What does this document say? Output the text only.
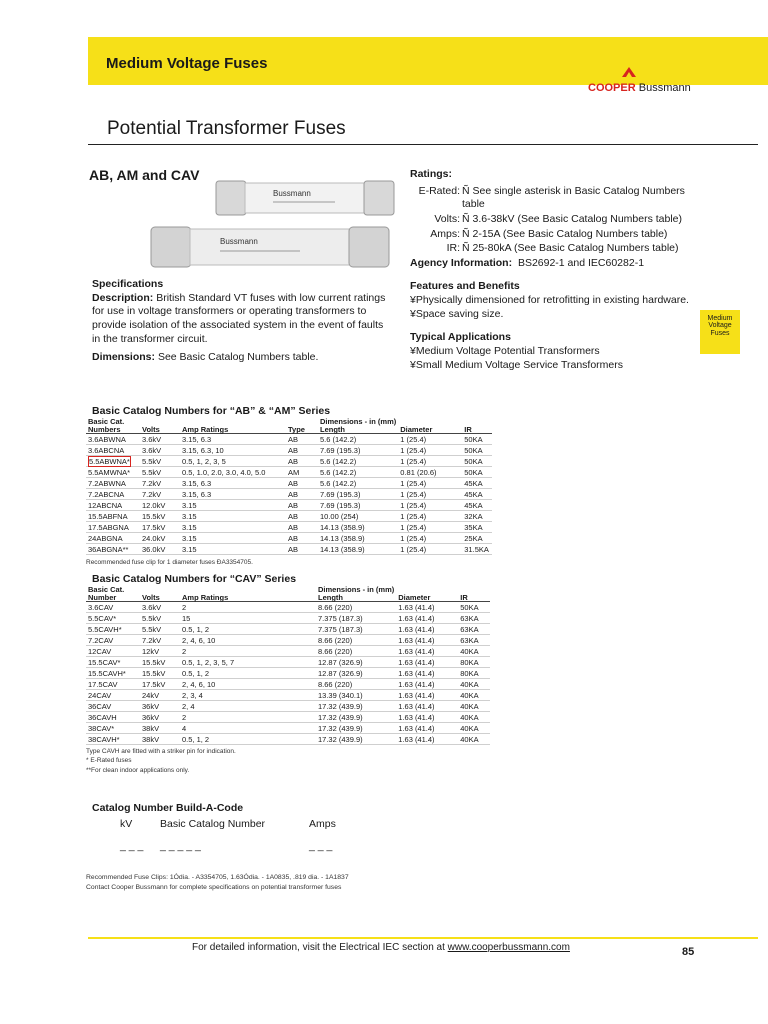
Medium Voltage Fuses
COOPER Bussmann
Potential Transformer Fuses
AB, AM and CAV
Bussmann
Bussmann
Specifications

Description: British Standard VT fuses with low current ratings for use in voltage transformers or operating transformers to provide isolation of the associated system in the event of faults in the transformer circuit.

Dimensions: See Basic Catalog Numbers table.

Ratings:
E-Rated: Ñ See single asterisk in Basic Catalog Numbers table
Volts: Ñ 3.6-38kV (See Basic Catalog Numbers table)
Amps: Ñ 2-15A (See Basic Catalog Numbers table)
IR: Ñ 25-80kA (See Basic Catalog Numbers table)
Agency Information: BS2692-1 and IEC60282-1
Features and Benefits
¥Physically dimensioned for retrofitting in existing hardware.
¥Space saving size.
Typical Applications
¥Medium Voltage Potential Transformers
¥Small Medium Voltage Service Transformers
Medium
Voltage
Fuses
Basic Catalog Numbers for “AB” & “AM” Series
Basic Cat. Numbers	Volts	Amp Ratings	Type	Dimensions - in (mm)
Length	Diameter	IR
3.6ABWNA	3.6kV	3.15, 6.3	AB	5.6 (142.2)	1 (25.4)	50KA
3.6ABCNA	3.6kV	3.15, 6.3, 10	AB	7.69 (195.3)	1 (25.4)	50KA
5.5ABWNA*	5.5kV	0.5, 1, 2, 3, 5	AB	5.6 (142.2)	1 (25.4)	50KA
5.5AMWNA*	5.5kV	0.5, 1.0, 2.0, 3.0, 4.0, 5.0	AM	5.6 (142.2)	0.81 (20.6)	50KA
7.2ABWNA	7.2kV	3.15, 6.3	AB	5.6 (142.2)	1 (25.4)	45KA
7.2ABCNA	7.2kV	3.15, 6.3	AB	7.69 (195.3)	1 (25.4)	45KA
12ABCNA	12.0kV	3.15	AB	7.69 (195.3)	1 (25.4)	45KA
15.5ABFNA	15.5kV	3.15	AB	10.00 (254)	1 (25.4)	32KA
17.5ABGNA	17.5kV	3.15	AB	14.13 (358.9)	1 (25.4)	35KA
24ABGNA	24.0kV	3.15	AB	14.13 (358.9)	1 (25.4)	25KA
36ABGNA**	36.0kV	3.15	AB	14.13 (358.9)	1 (25.4)	31.5KA
Recommended fuse clip for 1 diameter fuses ÐA3354705.
Basic Catalog Numbers for “CAV” Series
Basic Cat. Number	Volts	Amp Ratings	Dimensions - in (mm)
Length	Diameter	IR
3.6CAV	3.6kV	2	8.66 (220)	1.63 (41.4)	50KA
5.5CAV*	5.5kV	15	7.375 (187.3)	1.63 (41.4)	63KA
5.5CAVH*	5.5kV	0.5, 1, 2	7.375 (187.3)	1.63 (41.4)	63KA
7.2CAV	7.2kV	2, 4, 6, 10	8.66 (220)	1.63 (41.4)	63KA
12CAV	12kV	2	8.66 (220)	1.63 (41.4)	40KA
15.5CAV*	15.5kV	0.5, 1, 2, 3, 5, 7	12.87 (326.9)	1.63 (41.4)	80KA
15.5CAVH*	15.5kV	0.5, 1, 2	12.87 (326.9)	1.63 (41.4)	80KA
17.5CAV	17.5kV	2, 4, 6, 10	8.66 (220)	1.63 (41.4)	40KA
24CAV	24kV	2, 3, 4	13.39 (340.1)	1.63 (41.4)	40KA
36CAV	36kV	2, 4	17.32 (439.9)	1.63 (41.4)	40KA
36CAVH	36kV	2	17.32 (439.9)	1.63 (41.4)	40KA
38CAV*	38kV	4	17.32 (439.9)	1.63 (41.4)	40KA
38CAVH*	38kV	0.5, 1, 2	17.32 (439.9)	1.63 (41.4)	40KA
Type CAVH are fitted with a striker pin for indication.
* E-Rated fuses
**For clean indoor applications only.
Catalog Number Build-A-Code
kV	Basic Catalog Number	Amps
_ _ _ _ _ _ _ _	_ _ _
Recommended Fuse Clips: 1Ódia. - A3354705, 1.63Ódia. - 1A0835, .819 dia. - 1A1837
Contact Cooper Bussmann for complete specifications on potential transformer fuses
For detailed information, visit the Electrical IEC section at www.cooperbussmann.com	85
